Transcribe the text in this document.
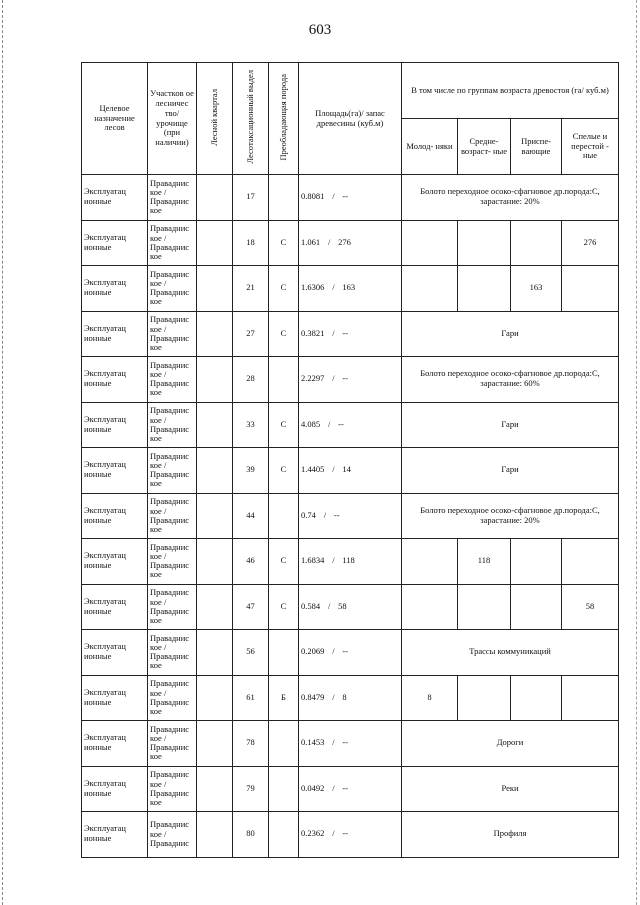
603
Целевое назначение лесов	Участков ое лесничес тво/ урочище (при наличии)	Лесной квартал	Лесотаксационный выдел	Преобладающая порода	Площадь(га)/ запас древесины (куб.м)	В том числе по группам возраста древостоя (га/ куб.м)			
						Молод- няки	Средне- возраст- ные	Приспе- вающие	Спелые и перестой - ные
Эксплуатац ионные	Праваднис кое / Праваднис кое		17		0.8081 / --	Болото переходное осоко-сфагновое др.порода:С, зарастание: 20%			
Эксплуатац ионные	Праваднис кое / Праваднис кое		18	С	1.061 / 276				276
Эксплуатац ионные	Праваднис кое / Праваднис кое		21	С	1.6306 / 163			163	
Эксплуатац ионные	Праваднис кое / Праваднис кое		27	С	0.3821 / --	Гари			
Эксплуатац ионные	Праваднис кое / Праваднис кое		28		2.2297 / --	Болото переходное осоко-сфагновое др.порода:С, зарастание: 60%			
Эксплуатац ионные	Праваднис кое / Праваднис кое		33	С	4.085 / --	Гари			
Эксплуатац ионные	Праваднис кое / Праваднис кое		39	С	1.4405 / 14	Гари			
Эксплуатац ионные	Праваднис кое / Праваднис кое		44		0.74 / --	Болото переходное осоко-сфагновое др.порода:С, зарастание: 20%			
Эксплуатац ионные	Праваднис кое / Праваднис кое		46	С	1.6834 / 118		118		
Эксплуатац ионные	Праваднис кое / Праваднис кое		47	С	0.584 / 58				58
Эксплуатац ионные	Праваднис кое / Праваднис кое		56		0.2069 / --	Трассы коммуникаций			
Эксплуатац ионные	Праваднис кое / Праваднис кое		61	Б	0.8479 / 8	8			
Эксплуатац ионные	Праваднис кое / Праваднис кое		78		0.1453 / --	Дороги			
Эксплуатац ионные	Праваднис кое / Праваднис кое		79		0.0492 / --	Реки			
Эксплуатац ионные	Праваднис кое / Праваднис		80		0.2362 / --	Профиля			
